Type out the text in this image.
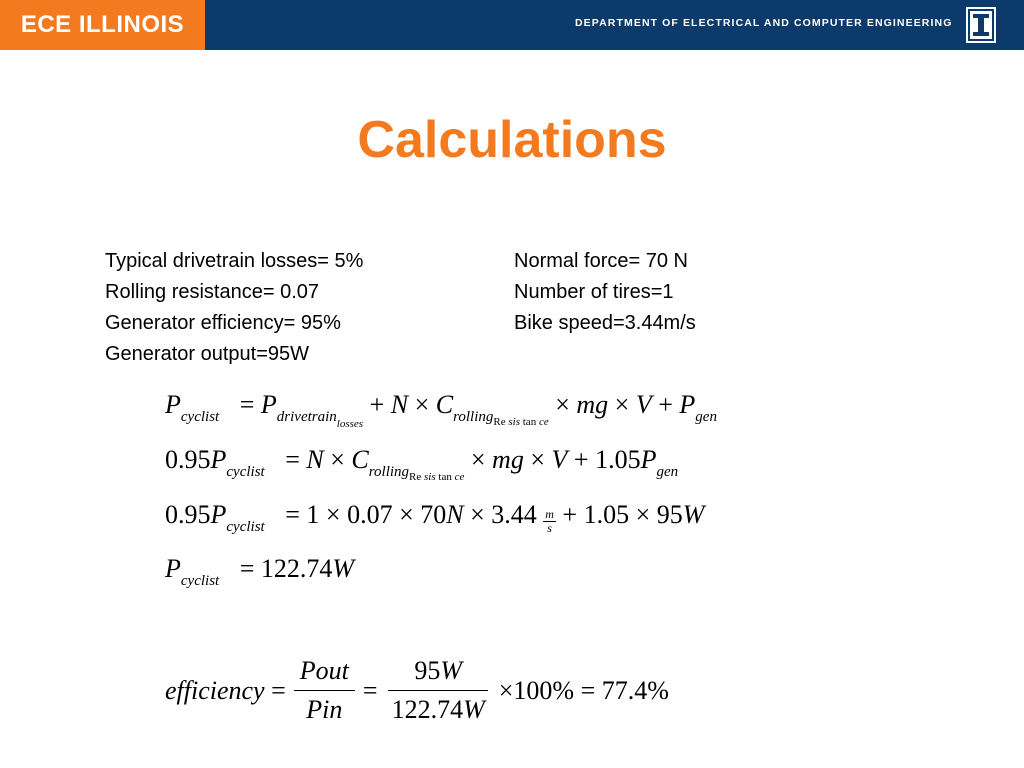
ECE ILLINOIS	DEPARTMENT OF ELECTRICAL AND COMPUTER ENGINEERING
Calculations
Typical drivetrain losses= 5%
Rolling resistance= 0.07
Generator efficiency= 95%
Generator output=95W
Normal force= 70 N
Number of tires=1
Bike speed=3.44m/s
$P_{cyclist} = P_{drivetrainlosses} + N \times C_{rollingRe}$ $_{sis}$ $_{tan}$ $_{ce}$ × mg × $V + P_{gen}$
$0.95P_{cyclist} = N \times C_{rollingRe}$ $_{sis}$ $_{tan}$ $_{ce}$ × mg × $V + 1.05P_{gen}$
$0.95P_{cyclist} = 1 \times 0.07 \times 70N \times 3.44 \frac{m}{s} + 1.05 \times 95W$
$P_{cyclist} = 122.74W$
efficiency = $\frac{\text{Pout}}{\text{Pin}} = \frac{95W}{122.74W} \times 100\% = 77.4\%$
